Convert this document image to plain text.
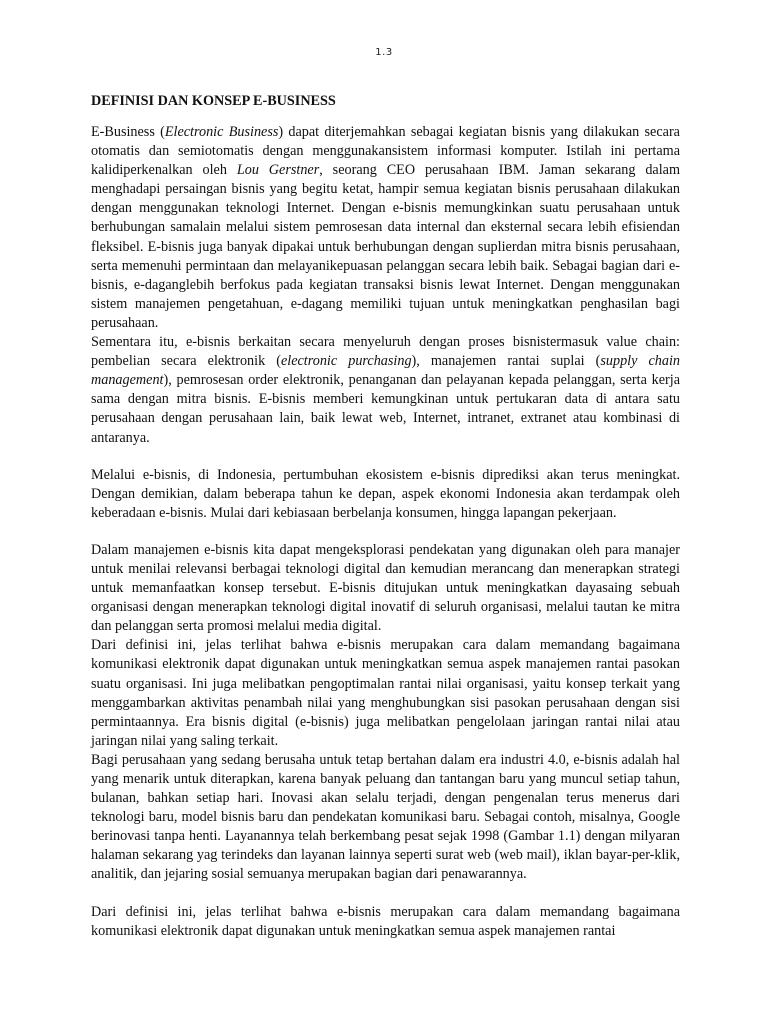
1.3
DEFINISI DAN KONSEP E-BUSINESS

E-Business (Electronic Business) dapat diterjemahkan sebagai kegiatan bisnis yang dilakukan secara otomatis dan semiotomatis dengan menggunakansistem informasi komputer. Istilah ini pertama kalidiperkenalkan oleh Lou Gerstner, seorang CEO perusahaan IBM. Jaman sekarang dalam menghadapi persaingan bisnis yang begitu ketat, hampir semua kegiatan bisnis perusahaan dilakukan dengan menggunakan teknologi Internet. Dengan e-bisnis memungkinkan suatu perusahaan untuk berhubungan samalain melalui sistem pemrosesan data internal dan eksternal secara lebih efisiendan fleksibel. E-bisnis juga banyak dipakai untuk berhubungan dengan suplierdan mitra bisnis perusahaan, serta memenuhi permintaan dan melayanikepuasan pelanggan secara lebih baik. Sebagai bagian dari e-bisnis, e-daganglebih berfokus pada kegiatan transaksi bisnis lewat Internet. Dengan menggunakan sistem manajemen pengetahuan, e-dagang memiliki tujuan untuk meningkatkan penghasilan bagi perusahaan.

Sementara itu, e-bisnis berkaitan secara menyeluruh dengan proses bisnistermasuk value chain: pembelian secara elektronik (electronic purchasing), manajemen rantai suplai (supply chain management), pemrosesan order elektronik, penanganan dan pelayanan kepada pelanggan, serta kerja sama dengan mitra bisnis. E-bisnis memberi kemungkinan untuk pertukaran data di antara satu perusahaan dengan perusahaan lain, baik lewat web, Internet, intranet, extranet atau kombinasi di antaranya.

Melalui e-bisnis, di Indonesia, pertumbuhan ekosistem e-bisnis diprediksi akan terus meningkat. Dengan demikian, dalam beberapa tahun ke depan, aspek ekonomi Indonesia akan terdampak oleh keberadaan e-bisnis. Mulai dari kebiasaan berbelanja konsumen, hingga lapangan pekerjaan.

Dalam manajemen e-bisnis kita dapat mengeksplorasi pendekatan yang digunakan oleh para manajer untuk menilai relevansi berbagai teknologi digital dan kemudian merancang dan menerapkan strategi untuk memanfaatkan konsep tersebut. E-bisnis ditujukan untuk meningkatkan dayasaing sebuah organisasi dengan menerapkan teknologi digital inovatif di seluruh organisasi, melalui tautan ke mitra dan pelanggan serta promosi melalui media digital.

Dari definisi ini, jelas terlihat bahwa e-bisnis merupakan cara dalam memandang bagaimana komunikasi elektronik dapat digunakan untuk meningkatkan semua aspek manajemen rantai pasokan suatu organisasi. Ini juga melibatkan pengoptimalan rantai nilai organisasi, yaitu konsep terkait yang menggambarkan aktivitas penambah nilai yang menghubungkan sisi pasokan perusahaan dengan sisi permintaannya. Era bisnis digital (e-bisnis) juga melibatkan pengelolaan jaringan rantai nilai atau jaringan nilai yang saling terkait.

Bagi perusahaan yang sedang berusaha untuk tetap bertahan dalam era industri 4.0, e-bisnis adalah hal yang menarik untuk diterapkan, karena banyak peluang dan tantangan baru yang muncul setiap tahun, bulanan, bahkan setiap hari. Inovasi akan selalu terjadi, dengan pengenalan terus menerus dari teknologi baru, model bisnis baru dan pendekatan komunikasi baru. Sebagai contoh, misalnya, Google berinovasi tanpa henti. Layanannya telah berkembang pesat sejak 1998 (Gambar 1.1) dengan milyaran halaman sekarang yag terindeks dan layanan lainnya seperti surat web (web mail), iklan bayar-per-klik, analitik, dan jejaring sosial semuanya merupakan bagian dari penawarannya.

Dari definisi ini, jelas terlihat bahwa e-bisnis merupakan cara dalam memandang bagaimana komunikasi elektronik dapat digunakan untuk meningkatkan semua aspek manajemen rantai
